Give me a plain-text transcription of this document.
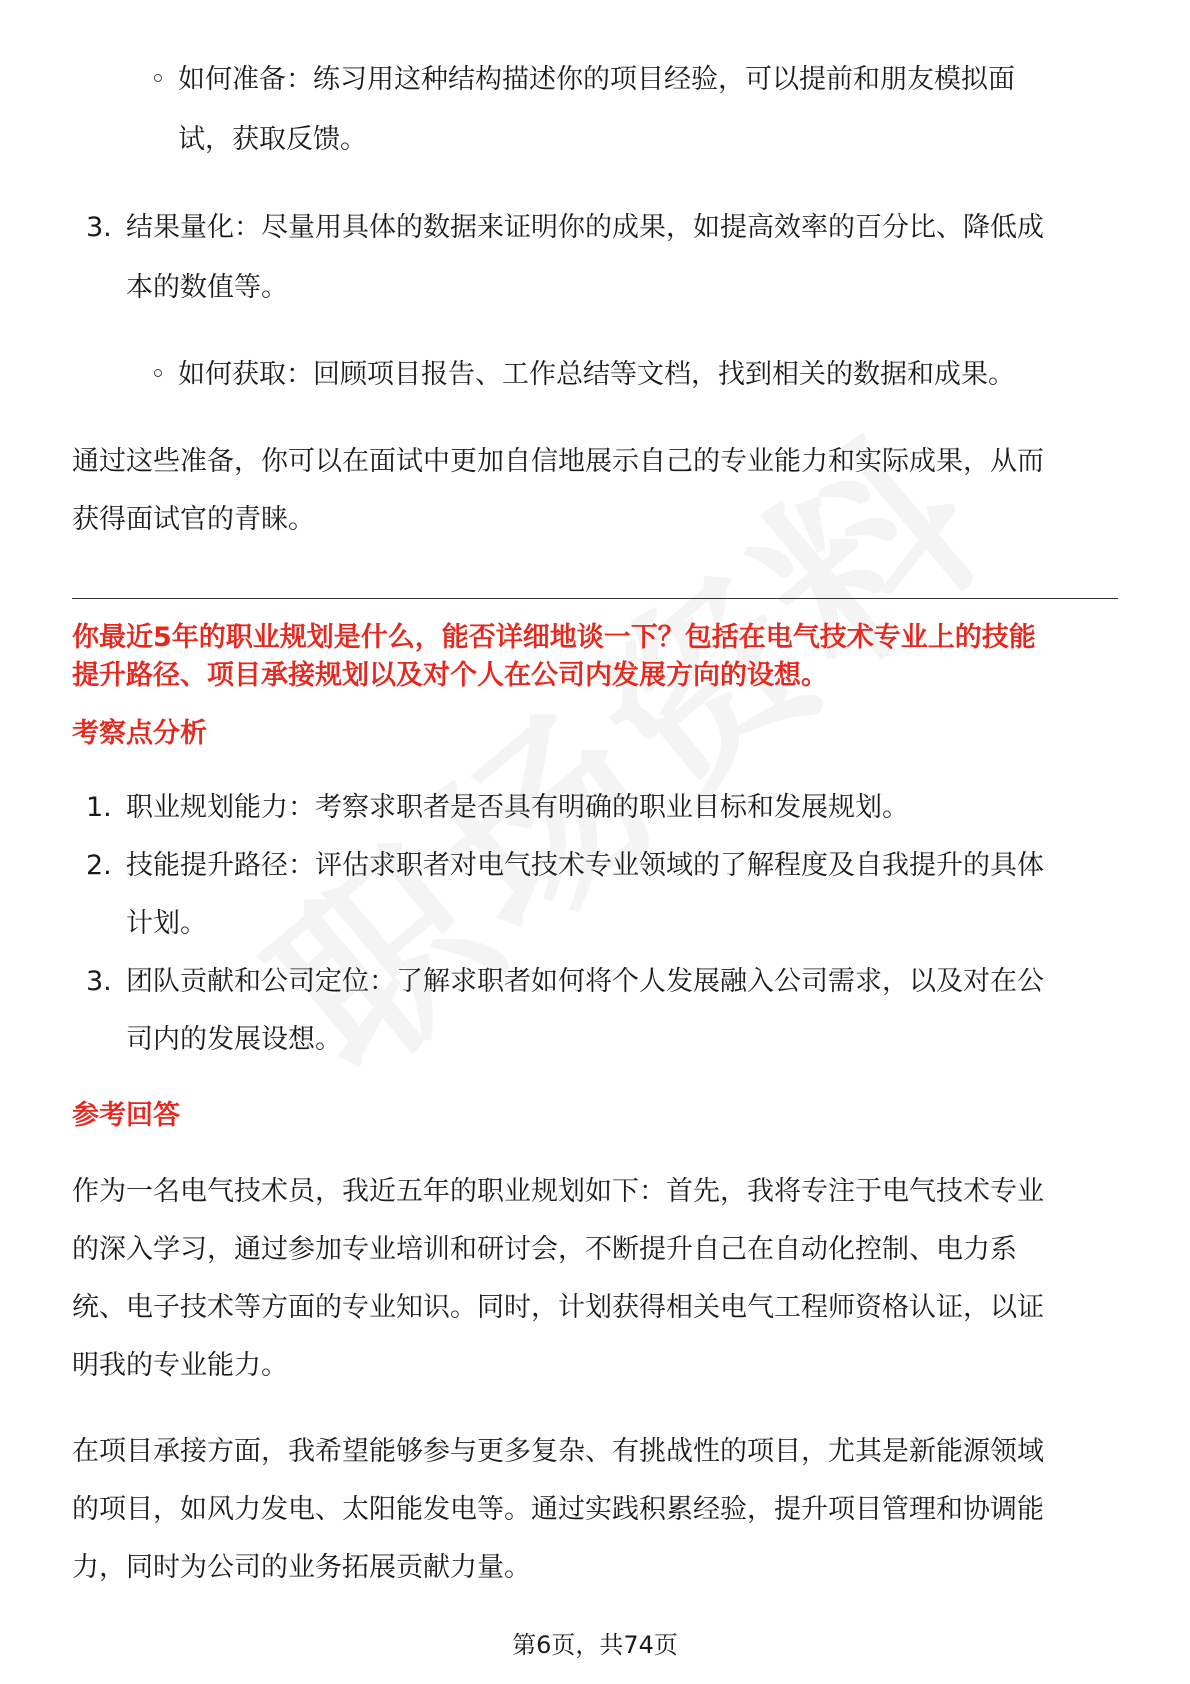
◦ 如何准备：练习用这种结构描述你的项目经验，可以提前和朋友模拟面
试，获取反馈。
3. 结果量化：尽量用具体的数据来证明你的成果，如提高效率的百分比、降低成
本的数值等。
◦ 如何获取：回顾项目报告、工作总结等文档，找到相关的数据和成果。
通过这些准备，你可以在面试中更加自信地展示自己的专业能力和实际成果，从而
获得面试官的青睐。
你最近5年的职业规划是什么，能否详细地谈一下？包括在电气技术专业上的技能
提升路径、项目承接规划以及对个人在公司内发展方向的设想。
考察点分析
1. 职业规划能力：考察求职者是否具有明确的职业目标和发展规划。
2. 技能提升路径：评估求职者对电气技术专业领域的了解程度及自我提升的具体
计划。
3. 团队贡献和公司定位：了解求职者如何将个人发展融入公司需求，以及对在公
司内的发展设想。
参考回答
作为一名电气技术员，我近五年的职业规划如下：首先，我将专注于电气技术专业
的深入学习，通过参加专业培训和研讨会，不断提升自己在自动化控制、电力系
统、电子技术等方面的专业知识。同时，计划获得相关电气工程师资格认证，以证
明我的专业能力。
在项目承接方面，我希望能够参与更多复杂、有挑战性的项目，尤其是新能源领域
的项目，如风力发电、太阳能发电等。通过实践积累经验，提升项目管理和协调能
力，同时为公司的业务拓展贡献力量。
第6页，共74页
